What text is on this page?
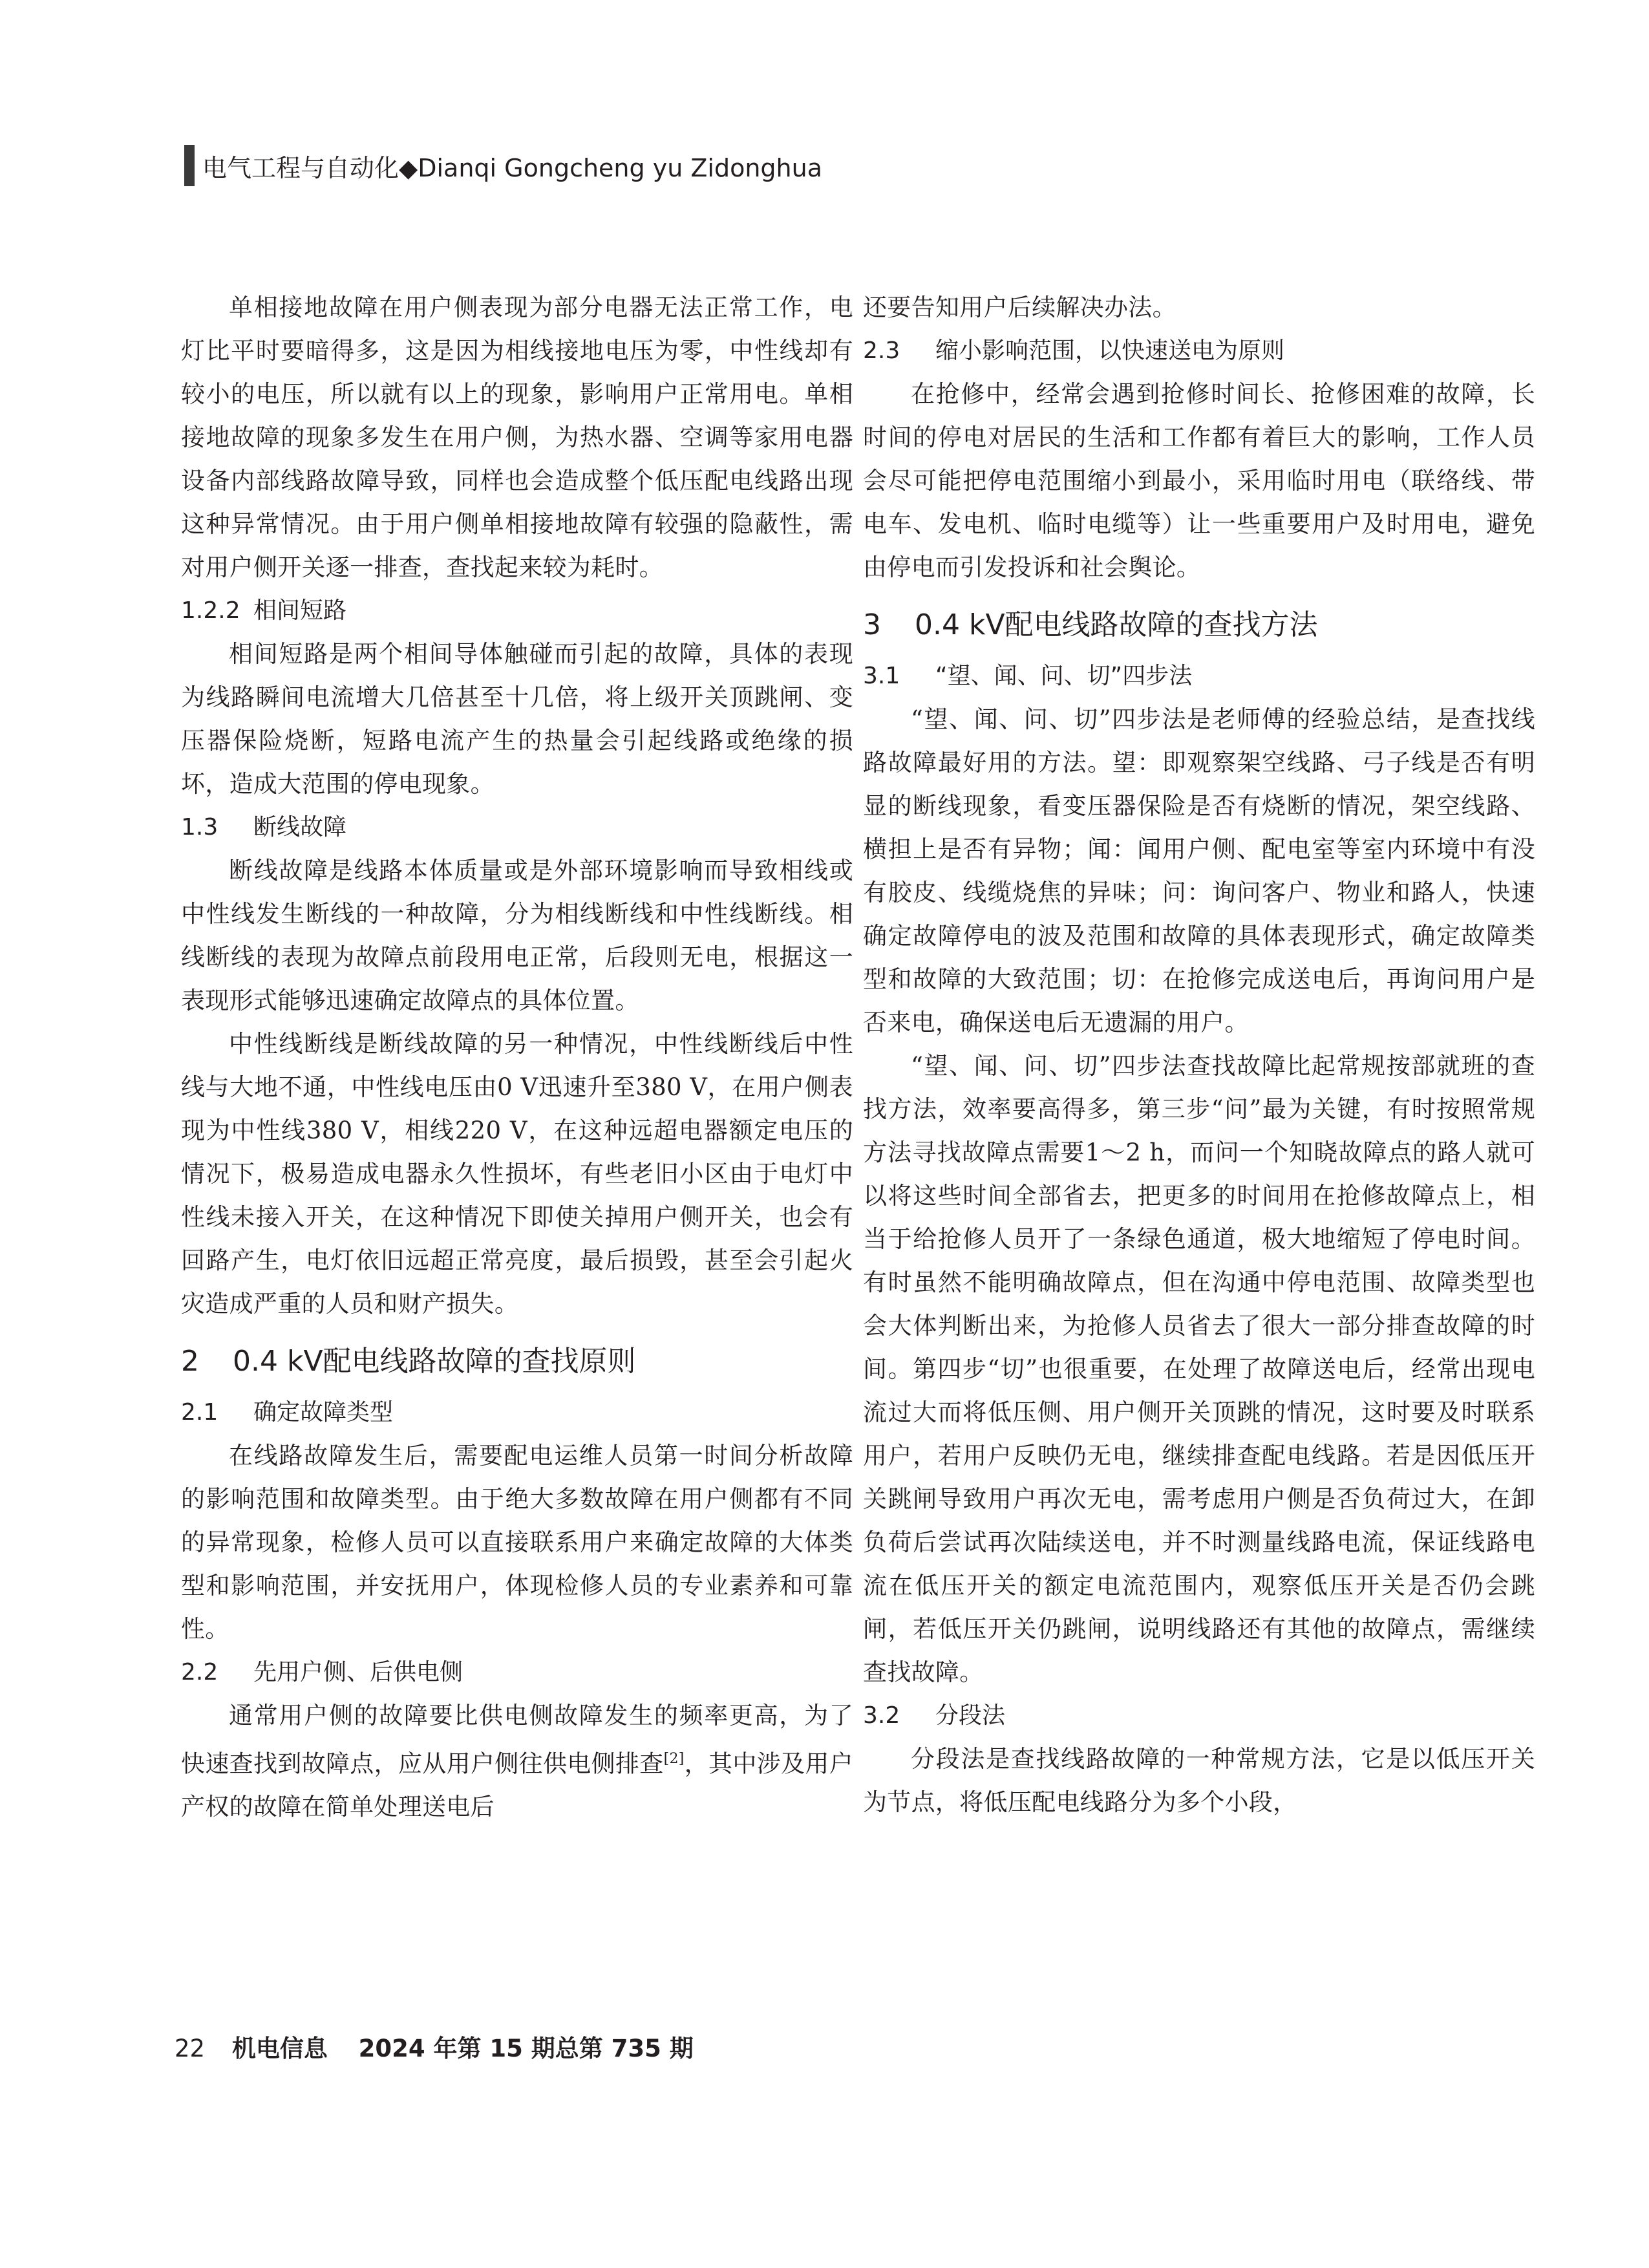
电气工程与自动化◆Dianqi Gongcheng yu Zidonghua

单相接地故障在用户侧表现为部分电器无法正常工作，电灯比平时要暗得多，这是因为相线接地电压为零，中性线却有较小的电压，所以就有以上的现象，影响用户正常用电。单相接地故障的现象多发生在用户侧，为热水器、空调等家用电器设备内部线路故障导致，同样也会造成整个低压配电线路出现这种异常情况。由于用户侧单相接地故障有较强的隐蔽性，需对用户侧开关逐一排查，查找起来较为耗时。

1.2.2 相间短路

相间短路是两个相间导体触碰而引起的故障，具体的表现为线路瞬间电流增大几倍甚至十几倍，将上级开关顶跳闸、变压器保险烧断，短路电流产生的热量会引起线路或绝缘的损坏，造成大范围的停电现象。

1.3 断线故障

断线故障是线路本体质量或是外部环境影响而导致相线或中性线发生断线的一种故障，分为相线断线和中性线断线。相线断线的表现为故障点前段用电正常，后段则无电，根据这一表现形式能够迅速确定故障点的具体位置。

中性线断线是断线故障的另一种情况，中性线断线后中性线与大地不通，中性线电压由0 V迅速升至380 V，在用户侧表现为中性线380 V，相线220 V，在这种远超电器额定电压的情况下，极易造成电器永久性损坏，有些老旧小区由于电灯中性线未接入开关，在这种情况下即使关掉用户侧开关，也会有回路产生，电灯依旧远超正常亮度，最后损毁，甚至会引起火灾造成严重的人员和财产损失。

2 0.4 kV配电线路故障的查找原则

2.1 确定故障类型

在线路故障发生后，需要配电运维人员第一时间分析故障的影响范围和故障类型。由于绝大多数故障在用户侧都有不同的异常现象，检修人员可以直接联系用户来确定故障的大体类型和影响范围，并安抚用户，体现检修人员的专业素养和可靠性。

2.2 先用户侧、后供电侧

通常用户侧的故障要比供电侧故障发生的频率更高，为了快速查找到故障点，应从用户侧往供电侧排查[2]，其中涉及用户产权的故障在简单处理送电后

还要告知用户后续解决办法。

2.3 缩小影响范围，以快速送电为原则

在抢修中，经常会遇到抢修时间长、抢修困难的故障，长时间的停电对居民的生活和工作都有着巨大的影响，工作人员会尽可能把停电范围缩小到最小，采用临时用电（联络线、带电车、发电机、临时电缆等）让一些重要用户及时用电，避免由停电而引发投诉和社会舆论。

3 0.4 kV配电线路故障的查找方法

3.1 “望、闻、问、切”四步法

“望、闻、问、切”四步法是老师傅的经验总结，是查找线路故障最好用的方法。望：即观察架空线路、弓子线是否有明显的断线现象，看变压器保险是否有烧断的情况，架空线路、横担上是否有异物；闻：闻用户侧、配电室等室内环境中有没有胶皮、线缆烧焦的异味；问：询问客户、物业和路人，快速确定故障停电的波及范围和故障的具体表现形式，确定故障类型和故障的大致范围；切：在抢修完成送电后，再询问用户是否来电，确保送电后无遗漏的用户。

“望、闻、问、切”四步法查找故障比起常规按部就班的查找方法，效率要高得多，第三步“问”最为关键，有时按照常规方法寻找故障点需要1～2 h，而问一个知晓故障点的路人就可以将这些时间全部省去，把更多的时间用在抢修故障点上，相当于给抢修人员开了一条绿色通道，极大地缩短了停电时间。有时虽然不能明确故障点，但在沟通中停电范围、故障类型也会大体判断出来，为抢修人员省去了很大一部分排查故障的时间。第四步“切”也很重要，在处理了故障送电后，经常出现电流过大而将低压侧、用户侧开关顶跳的情况，这时要及时联系用户，若用户反映仍无电，继续排查配电线路。若是因低压开关跳闸导致用户再次无电，需考虑用户侧是否负荷过大，在卸负荷后尝试再次陆续送电，并不时测量线路电流，保证线路电流在低压开关的额定电流范围内，观察低压开关是否仍会跳闸，若低压开关仍跳闸，说明线路还有其他的故障点，需继续查找故障。

3.2 分段法

分段法是查找线路故障的一种常规方法，它是以低压开关为节点，将低压配电线路分为多个小段，

22 机电信息 2024 年第 15 期总第 735 期
